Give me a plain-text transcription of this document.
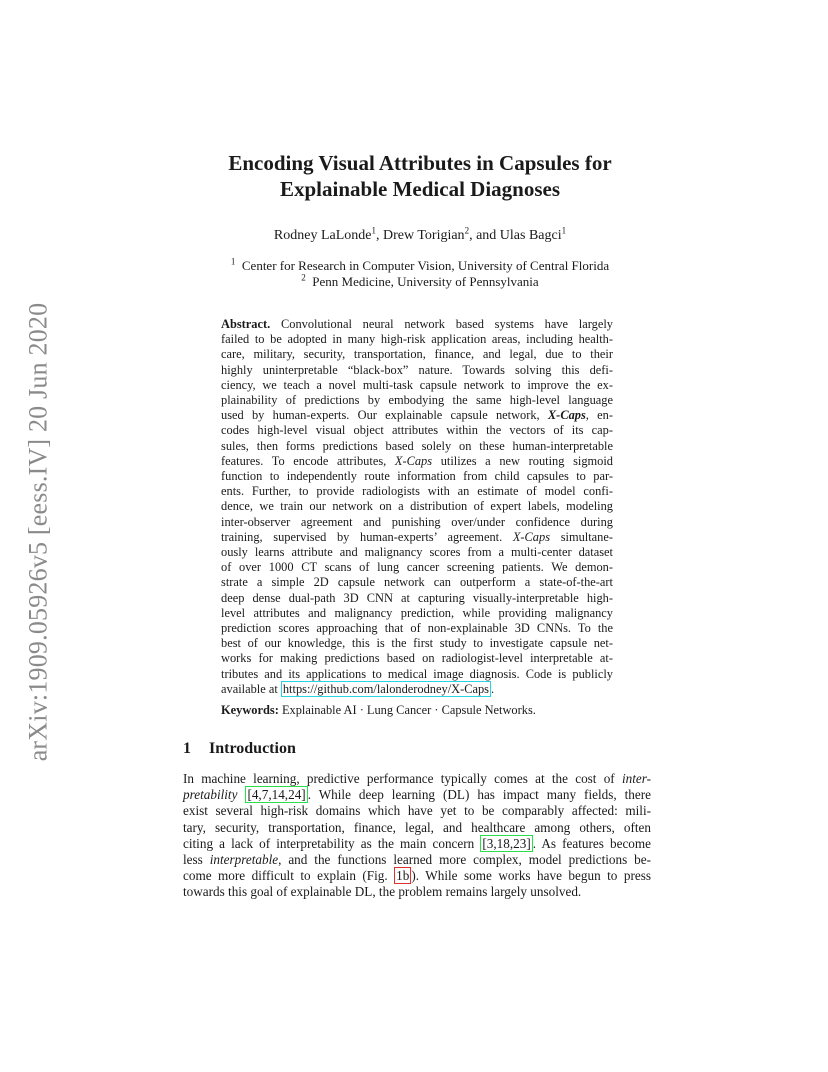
arXiv:1909.05926v5 [eess.IV] 20 Jun 2020
Encoding Visual Attributes in Capsules for
Explainable Medical Diagnoses
Rodney LaLonde$^1$, Drew Torigian$^2$, and Ulas Bagci$^1$
$^1$ Center for Research in Computer Vision, University of Central Florida
$^2$ Penn Medicine, University of Pennsylvania
Abstract. Convolutional neural network based systems have largely
failed to be adopted in many high-risk application areas, including health-
care, military, security, transportation, finance, and legal, due to their
highly uninterpretable “black-box” nature. Towards solving this defi-
ciency, we teach a novel multi-task capsule network to improve the ex-
plainability of predictions by embodying the same high-level language
used by human-experts. Our explainable capsule network, X-Caps, en-
codes high-level visual object attributes within the vectors of its cap-
sules, then forms predictions based solely on these human-interpretable
features. To encode attributes, X-Caps utilizes a new routing sigmoid
function to independently route information from child capsules to par-
ents. Further, to provide radiologists with an estimate of model confi-
dence, we train our network on a distribution of expert labels, modeling
inter-observer agreement and punishing over/under confidence during
training, supervised by human-experts’ agreement. X-Caps simultane-
ously learns attribute and malignancy scores from a multi-center dataset
of over 1000 CT scans of lung cancer screening patients. We demon-
strate a simple 2D capsule network can outperform a state-of-the-art
deep dense dual-path 3D CNN at capturing visually-interpretable high-
level attributes and malignancy prediction, while providing malignancy
prediction scores approaching that of non-explainable 3D CNNs. To the
best of our knowledge, this is the first study to investigate capsule net-
works for making predictions based on radiologist-level interpretable at-
tributes and its applications to medical image diagnosis. Code is publicly
available at https://github.com/lalonderodney/X-Caps .
Keywords: Explainable AI · Lung Cancer · Capsule Networks.
1 Introduction
In machine learning, predictive performance typically comes at the cost of inter-
pretability [4,7,14,24] . While deep learning (DL) has impact many fields, there
exist several high-risk domains which have yet to be comparably affected: mili-
tary, security, transportation, finance, legal, and healthcare among others, often
citing a lack of interpretability as the main concern [3,18,23] . As features become
less interpretable, and the functions learned more complex, model predictions be-
come more difficult to explain (Fig. 1b ). While some works have begun to press
towards this goal of explainable DL, the problem remains largely unsolved.
